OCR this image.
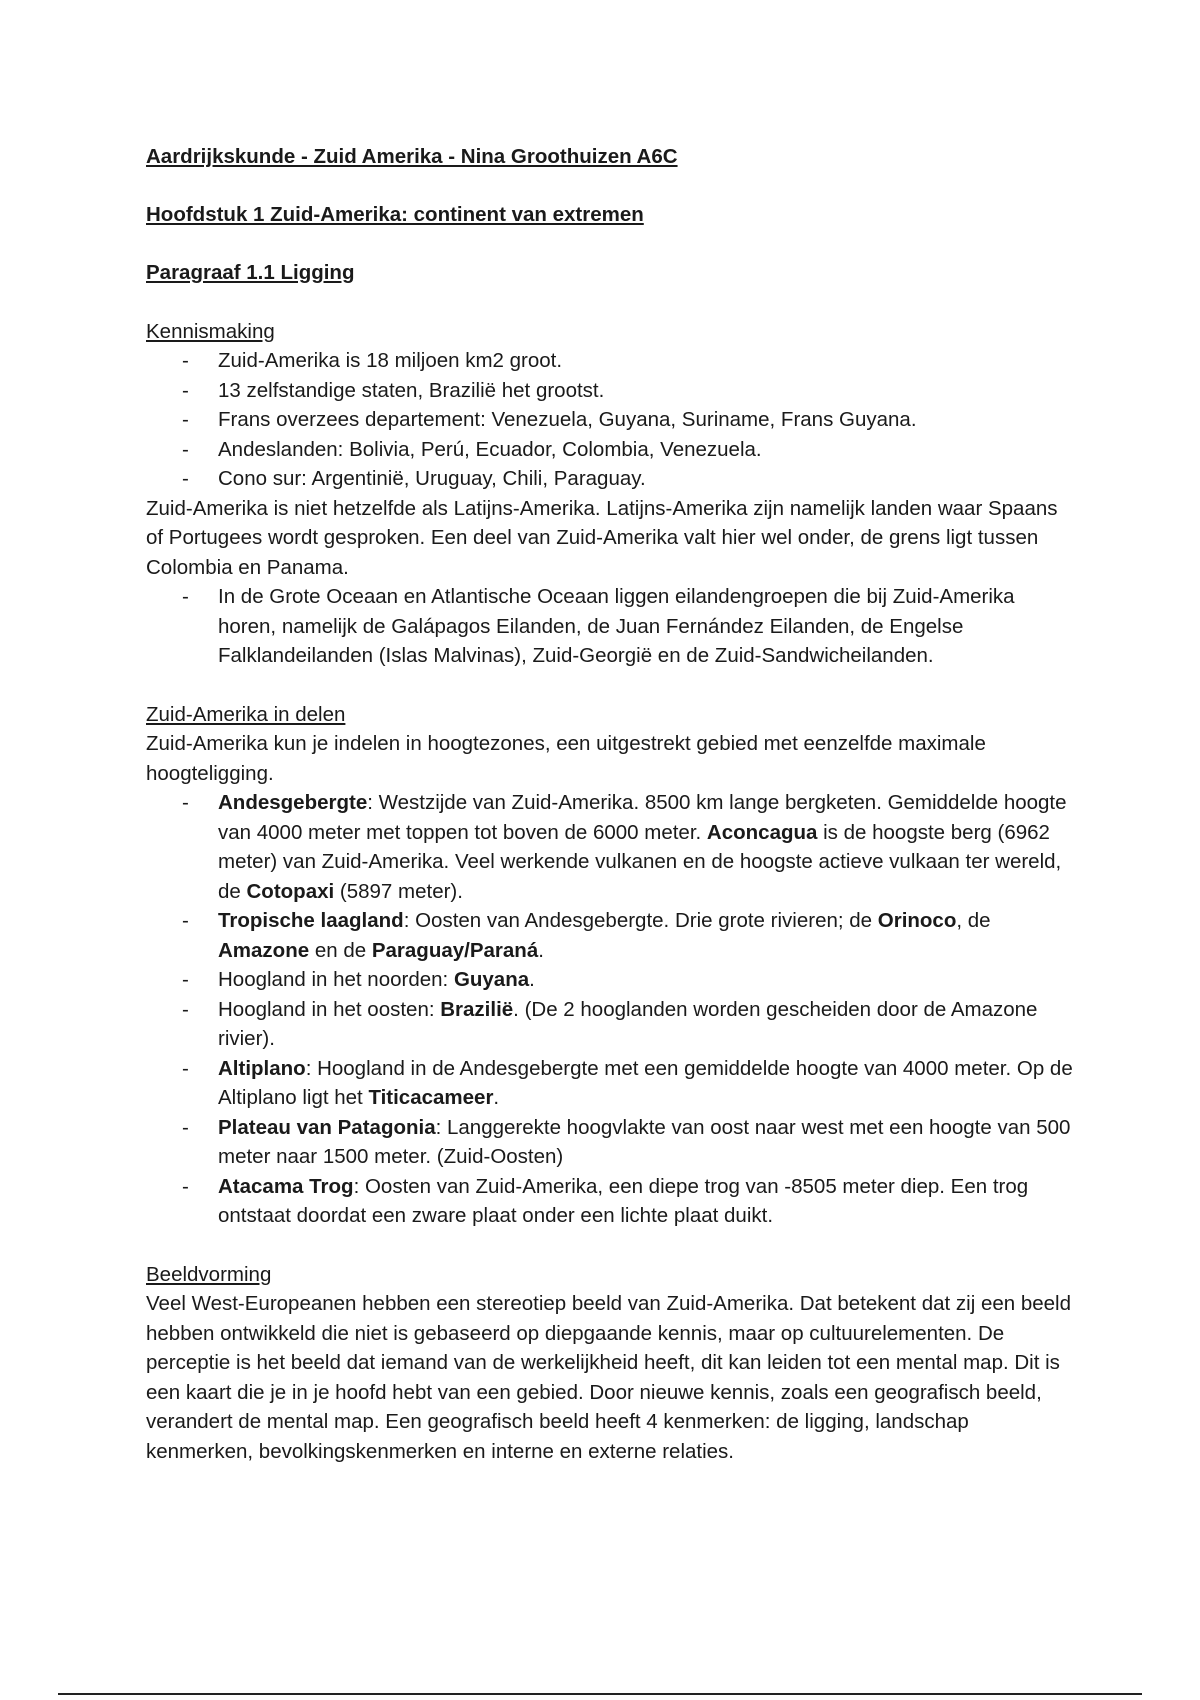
Aardrijkskunde - Zuid Amerika - Nina Groothuizen A6C

Hoofdstuk 1 Zuid-Amerika: continent van extremen

Paragraaf 1.1 Ligging

Kennismaking

- Zuid-Amerika is 18 miljoen km2 groot.
- 13 zelfstandige staten, Brazilië het grootst.
- Frans overzees departement: Venezuela, Guyana, Suriname, Frans Guyana.
- Andeslanden: Bolivia, Perú, Ecuador, Colombia, Venezuela.
- Cono sur: Argentinië, Uruguay, Chili, Paraguay.

Zuid-Amerika is niet hetzelfde als Latijns-Amerika. Latijns-Amerika zijn namelijk landen waar Spaans of Portugees wordt gesproken. Een deel van Zuid-Amerika valt hier wel onder, de grens ligt tussen Colombia en Panama.

- In de Grote Oceaan en Atlantische Oceaan liggen eilandengroepen die bij Zuid-Amerika horen, namelijk de Galápagos Eilanden, de Juan Fernández Eilanden, de Engelse Falklandeilanden (Islas Malvinas), Zuid-Georgië en de Zuid-Sandwicheilanden.

Zuid-Amerika in delen

Zuid-Amerika kun je indelen in hoogtezones, een uitgestrekt gebied met eenzelfde maximale hoogteligging.

- Andesgebergte: Westzijde van Zuid-Amerika. 8500 km lange bergketen. Gemiddelde hoogte van 4000 meter met toppen tot boven de 6000 meter. Aconcagua is de hoogste berg (6962 meter) van Zuid-Amerika. Veel werkende vulkanen en de hoogste actieve vulkaan ter wereld, de Cotopaxi (5897 meter).
- Tropische laagland: Oosten van Andesgebergte. Drie grote rivieren; de Orinoco, de Amazone en de Paraguay/Paraná.
- Hoogland in het noorden: Guyana.
- Hoogland in het oosten: Brazilië. (De 2 hooglanden worden gescheiden door de Amazone rivier).
- Altiplano: Hoogland in de Andesgebergte met een gemiddelde hoogte van 4000 meter. Op de Altiplano ligt het Titicacameer.
- Plateau van Patagonia: Langgerekte hoogvlakte van oost naar west met een hoogte van 500 meter naar 1500 meter. (Zuid-Oosten)
- Atacama Trog: Oosten van Zuid-Amerika, een diepe trog van -8505 meter diep. Een trog ontstaat doordat een zware plaat onder een lichte plaat duikt.

Beeldvorming

Veel West-Europeanen hebben een stereotiep beeld van Zuid-Amerika. Dat betekent dat zij een beeld hebben ontwikkeld die niet is gebaseerd op diepgaande kennis, maar op cultuurelementen. De perceptie is het beeld dat iemand van de werkelijkheid heeft, dit kan leiden tot een mental map. Dit is een kaart die je in je hoofd hebt van een gebied. Door nieuwe kennis, zoals een geografisch beeld, verandert de mental map. Een geografisch beeld heeft 4 kenmerken: de ligging, landschap kenmerken, bevolkingskenmerken en interne en externe relaties.
